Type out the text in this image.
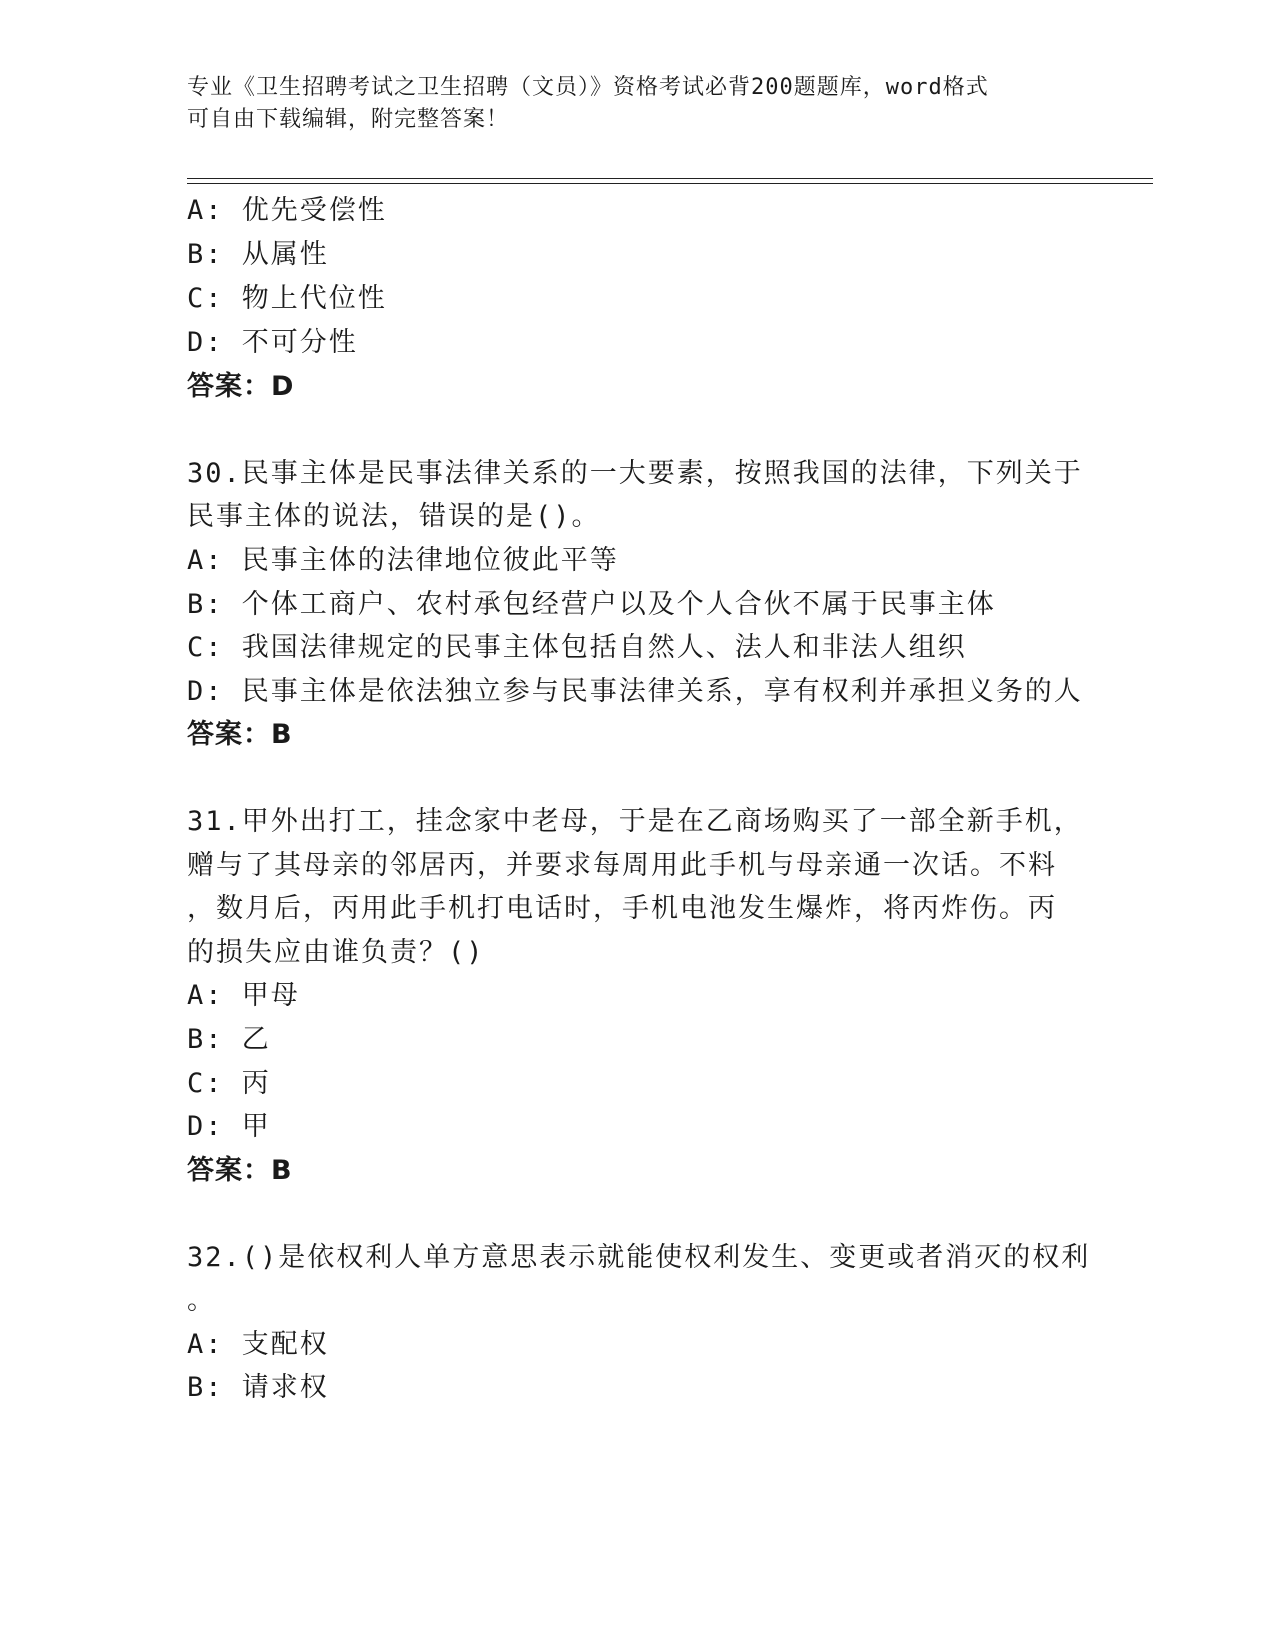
专业《卫生招聘考试之卫生招聘（文员）》资格考试必背200题题库，word格式
可自由下载编辑，附完整答案！
A: 优先受偿性
B: 从属性
C: 物上代位性
D: 不可分性
答案：D
30.民事主体是民事法律关系的一大要素，按照我国的法律，下列关于
民事主体的说法，错误的是()。
A: 民事主体的法律地位彼此平等
B: 个体工商户、农村承包经营户以及个人合伙不属于民事主体
C: 我国法律规定的民事主体包括自然人、法人和非法人组织
D: 民事主体是依法独立参与民事法律关系，享有权利并承担义务的人
答案：B
31.甲外出打工，挂念家中老母，于是在乙商场购买了一部全新手机，
赠与了其母亲的邻居丙，并要求每周用此手机与母亲通一次话。不料
，数月后，丙用此手机打电话时，手机电池发生爆炸，将丙炸伤。丙
的损失应由谁负责？()
A: 甲母
B: 乙
C: 丙
D: 甲
答案：B
32.()是依权利人单方意思表示就能使权利发生、变更或者消灭的权利
。
A: 支配权
B: 请求权
